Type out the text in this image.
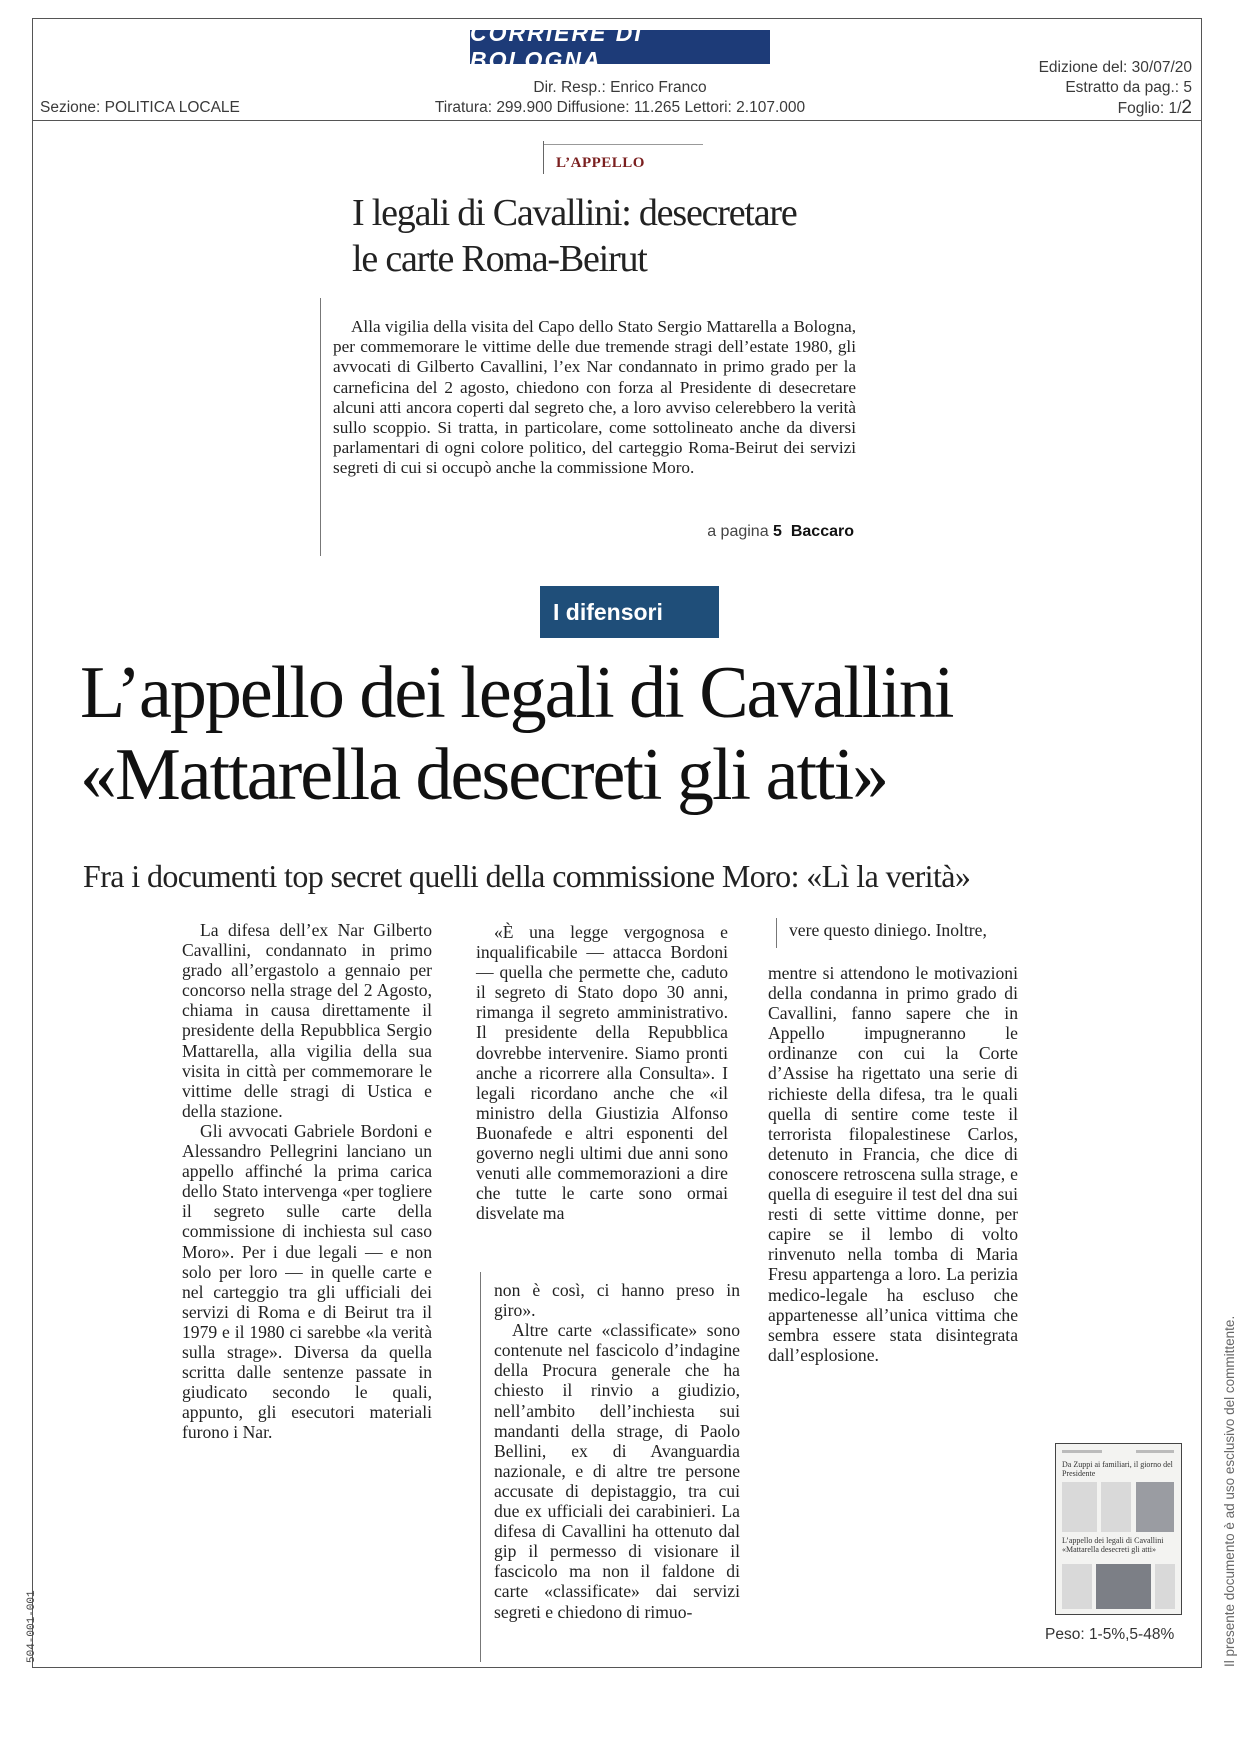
CORRIERE DI BOLOGNA
Dir. Resp.: Enrico Franco
Tiratura: 299.900 Diffusione: 11.265 Lettori: 2.107.000
Sezione: POLITICA LOCALE
Edizione del: 30/07/20
Estratto da pag.: 5
Foglio: 1/2
L’APPELLO
I legali di Cavallini: desecretare
le carte Roma-Beirut
Alla vigilia della visita del Capo dello Stato Sergio Mattarella a Bologna, per commemorare le vittime delle due tremende stragi dell’estate 1980, gli avvocati di Gilberto Cavallini, l’ex Nar condannato in primo grado per la carneficina del 2 agosto, chiedono con forza al Presidente di desecretare alcuni atti ancora coperti dal segreto che, a loro avviso celerebbero la verità sullo scoppio. Si tratta, in particolare, come sottolineato anche da diversi parlamentari di ogni colore politico, del carteggio Roma-Beirut dei servizi segreti di cui si occupò anche la commissione Moro.
a pagina 5 Baccaro
I difensori
L’appello dei legali di Cavallini
«Mattarella desecreti gli atti»
Fra i documenti top secret quelli della commissione Moro: «Lì la verità»

La difesa dell’ex Nar Gilberto Cavallini, condannato in primo grado all’ergastolo a gennaio per concorso nella strage del 2 Agosto, chiama in causa direttamente il presidente della Repubblica Sergio Mattarella, alla vigilia della sua visita in città per commemorare le vittime delle stragi di Ustica e della stazione.

Gli avvocati Gabriele Bordoni e Alessandro Pellegrini lanciano un appello affinché la prima carica dello Stato intervenga «per togliere il segreto sulle carte della commissione di inchiesta sul caso Moro». Per i due legali — e non solo per loro — in quelle carte e nel carteggio tra gli ufficiali dei servizi di Roma e di Beirut tra il 1979 e il 1980 ci sarebbe «la verità sulla strage». Diversa da quella scritta dalle sentenze passate in giudicato secondo le quali, appunto, gli esecutori materiali furono i Nar.

«È una legge vergognosa e inqualificabile — attacca Bordoni — quella che permette che, caduto il segreto di Stato dopo 30 anni, rimanga il segreto amministrativo. Il presidente della Repubblica dovrebbe intervenire. Siamo pronti anche a ricorrere alla Consulta». I legali ricordano anche che «il ministro della Giustizia Alfonso Buonafede e altri esponenti del governo negli ultimi due anni sono venuti alle commemorazioni a dire che tutte le carte sono ormai disvelate ma

non è così, ci hanno preso in giro».

Altre carte «classificate» sono contenute nel fascicolo d’indagine della Procura generale che ha chiesto il rinvio a giudizio, nell’ambito dell’inchiesta sui mandanti della strage, di Paolo Bellini, ex di Avanguardia nazionale, e di altre tre persone accusate di depistaggio, tra cui due ex ufficiali dei carabinieri. La difesa di Cavallini ha ottenuto dal gip il permesso di visionare il fascicolo ma non il faldone di carte «classificate» dai servizi segreti e chiedono di rimuo-

vere questo diniego. Inoltre,

mentre si attendono le motivazioni della condanna in primo grado di Cavallini, fanno sapere che in Appello impugneranno le ordinanze con cui la Corte d’Assise ha rigettato una serie di richieste della difesa, tra le quali quella di sentire come teste il terrorista filopalestinese Carlos, detenuto in Francia, che dice di conoscere retroscena sulla strage, e quella di eseguire il test del dna sui resti di sette vittime donne, per capire se il lembo di volto rinvenuto nella tomba di Maria Fresu appartenga a loro. La perizia medico-legale ha escluso che appartenesse all’unica vittima che sembra essere stata disintegrata dall’esplosione.

Da Zuppi ai familiari, il giorno del Presidente
L’appello dei legali di Cavallini «Mattarella desecreti gli atti»
Peso: 1-5%,5-48%	Il presente documento è ad uso esclusivo del committente.
504-001-001
